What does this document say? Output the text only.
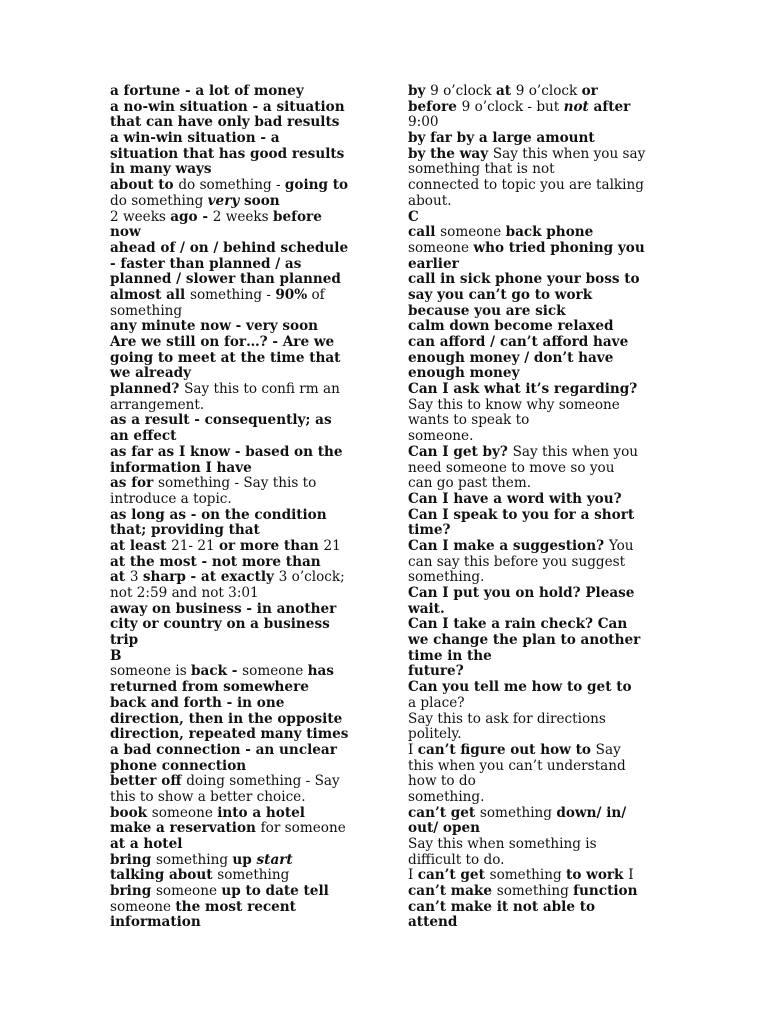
a fortune - a lot of money
a no-win situation - a situation
that can have only bad results
a win-win situation - a
situation that has good results
in many ways
about to do something - going to
do something very soon
2 weeks ago - 2 weeks before
now
ahead of / on / behind schedule
- faster than planned / as
planned / slower than planned
almost all something - 90% of
something
any minute now - very soon
Are we still on for…? - Are we
going to meet at the time that
we already
planned? Say this to confi rm an
arrangement.
as a result - consequently; as
an effect
as far as I know - based on the
information I have
as for something - Say this to
introduce a topic.
as long as - on the condition
that; providing that
at least 21- 21 or more than 21
at the most - not more than
at 3 sharp - at exactly 3 o’clock;
not 2:59 and not 3:01
away on business - in another
city or country on a business
trip
B
someone is back - someone has
returned from somewhere
back and forth - in one
direction, then in the opposite
direction, repeated many times
a bad connection - an unclear
phone connection
better off doing something - Say
this to show a better choice.
book someone into a hotel
make a reservation for someone
at a hotel
bring something up start
talking about something
bring someone up to date tell
someone the most recent
information
by 9 o’clock at 9 o’clock or
before 9 o’clock - but not after
9:00
by far by a large amount
by the way Say this when you say
something that is not
connected to topic you are talking
about.
C
call someone back phone
someone who tried phoning you
earlier
call in sick phone your boss to
say you can’t go to work
because you are sick
calm down become relaxed
can afford / can’t afford have
enough money / don’t have
enough money
Can I ask what it’s regarding?
Say this to know why someone
wants to speak to
someone.
Can I get by? Say this when you
need someone to move so you
can go past them.
Can I have a word with you?
Can I speak to you for a short
time?
Can I make a suggestion? You
can say this before you suggest
something.
Can I put you on hold? Please
wait.
Can I take a rain check? Can
we change the plan to another
time in the
future?
Can you tell me how to get to
a place?
Say this to ask for directions
politely.
I can’t figure out how to Say
this when you can’t understand
how to do
something.
can’t get something down/ in/
out/ open
Say this when something is
difficult to do.
I can’t get something to work I
can’t make something function
can’t make it not able to
attend
